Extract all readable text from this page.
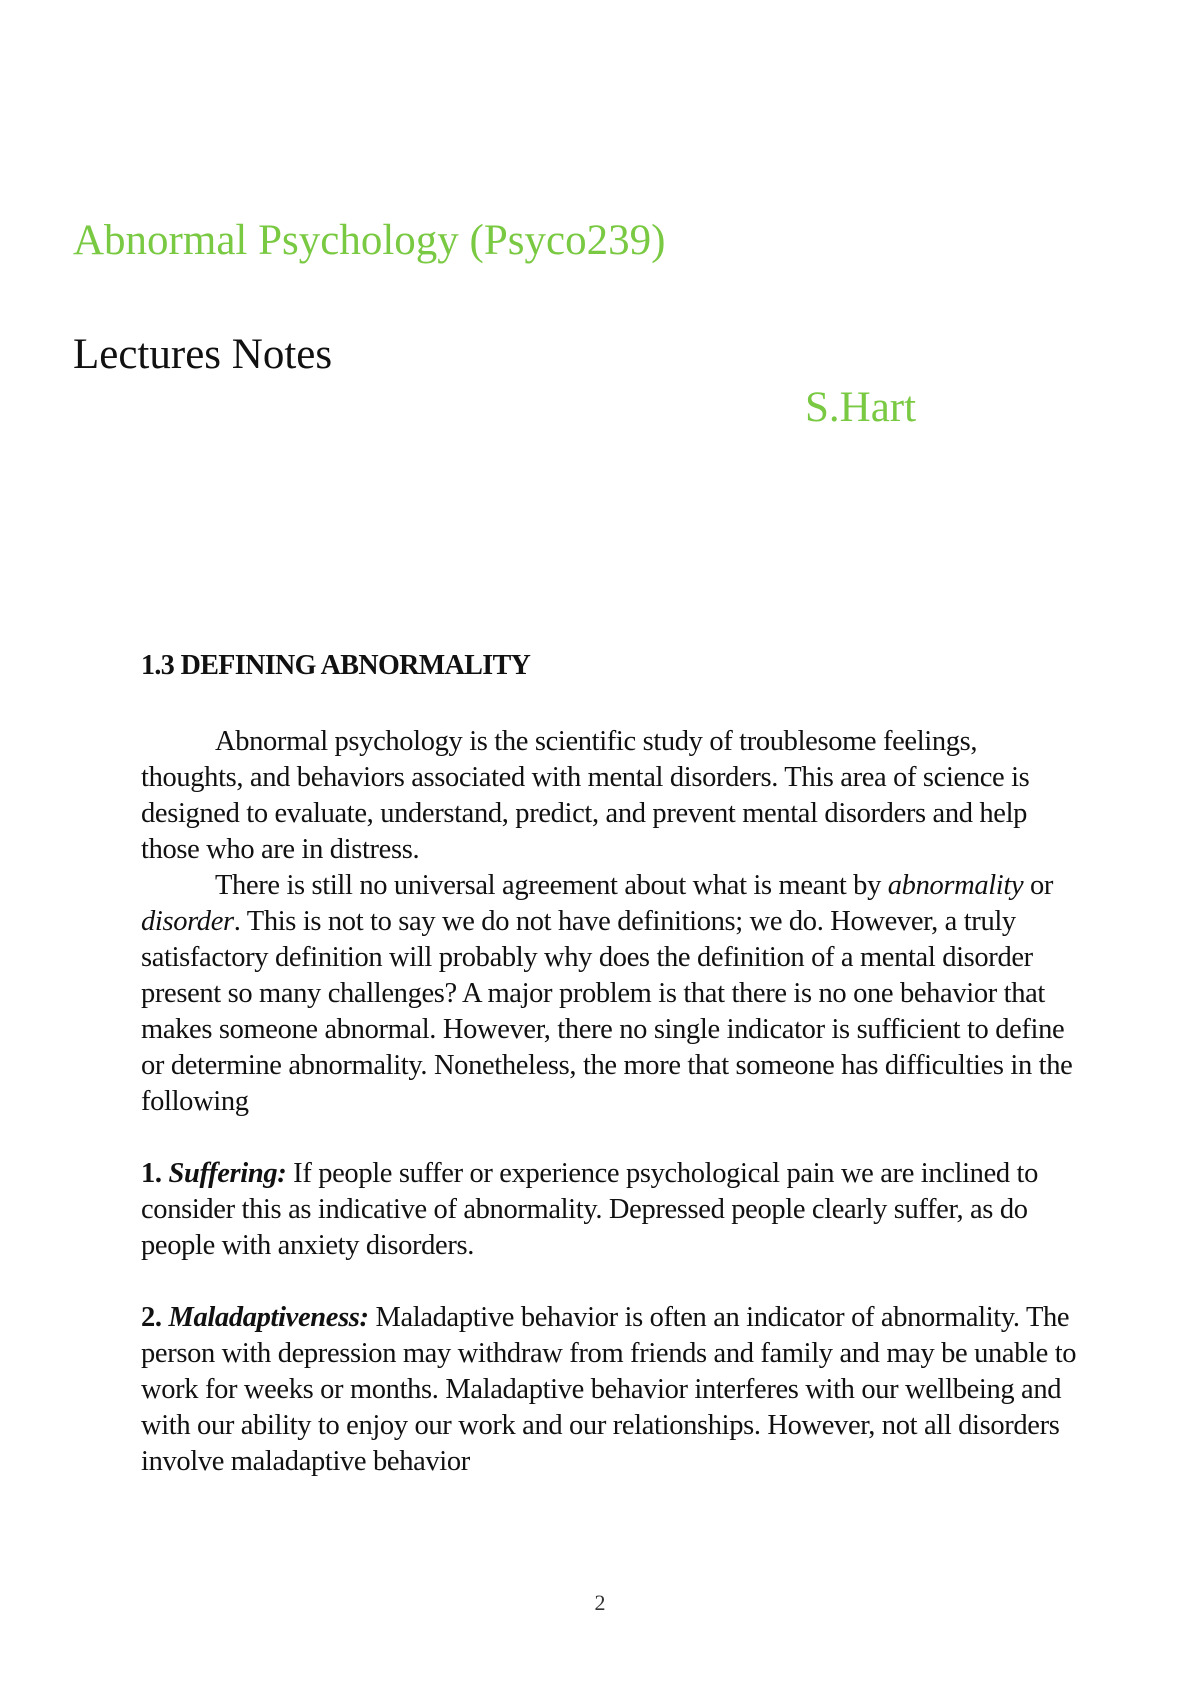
Abnormal Psychology (Psyco239)
Lectures Notes
S.Hart
1.3 DEFINING ABNORMALITY

Abnormal psychology is the scientific study of troublesome feelings, thoughts, and behaviors associated with mental disorders. This area of science is designed to evaluate, understand, predict, and prevent mental disorders and help those who are in distress.

There is still no universal agreement about what is meant by abnormality or disorder. This is not to say we do not have definitions; we do. However, a truly satisfactory definition will probably why does the definition of a mental disorder present so many challenges? A major problem is that there is no one behavior that makes someone abnormal. However, there no single indicator is sufficient to define or determine abnormality. Nonetheless, the more that someone has difficulties in the following

1. Suffering: If people suffer or experience psychological pain we are inclined to consider this as indicative of abnormality. Depressed people clearly suffer, as do people with anxiety disorders.

2. Maladaptiveness: Maladaptive behavior is often an indicator of abnormality. The person with depression may withdraw from friends and family and may be unable to work for weeks or months. Maladaptive behavior interferes with our wellbeing and with our ability to enjoy our work and our relationships. However, not all disorders involve maladaptive behavior

2
